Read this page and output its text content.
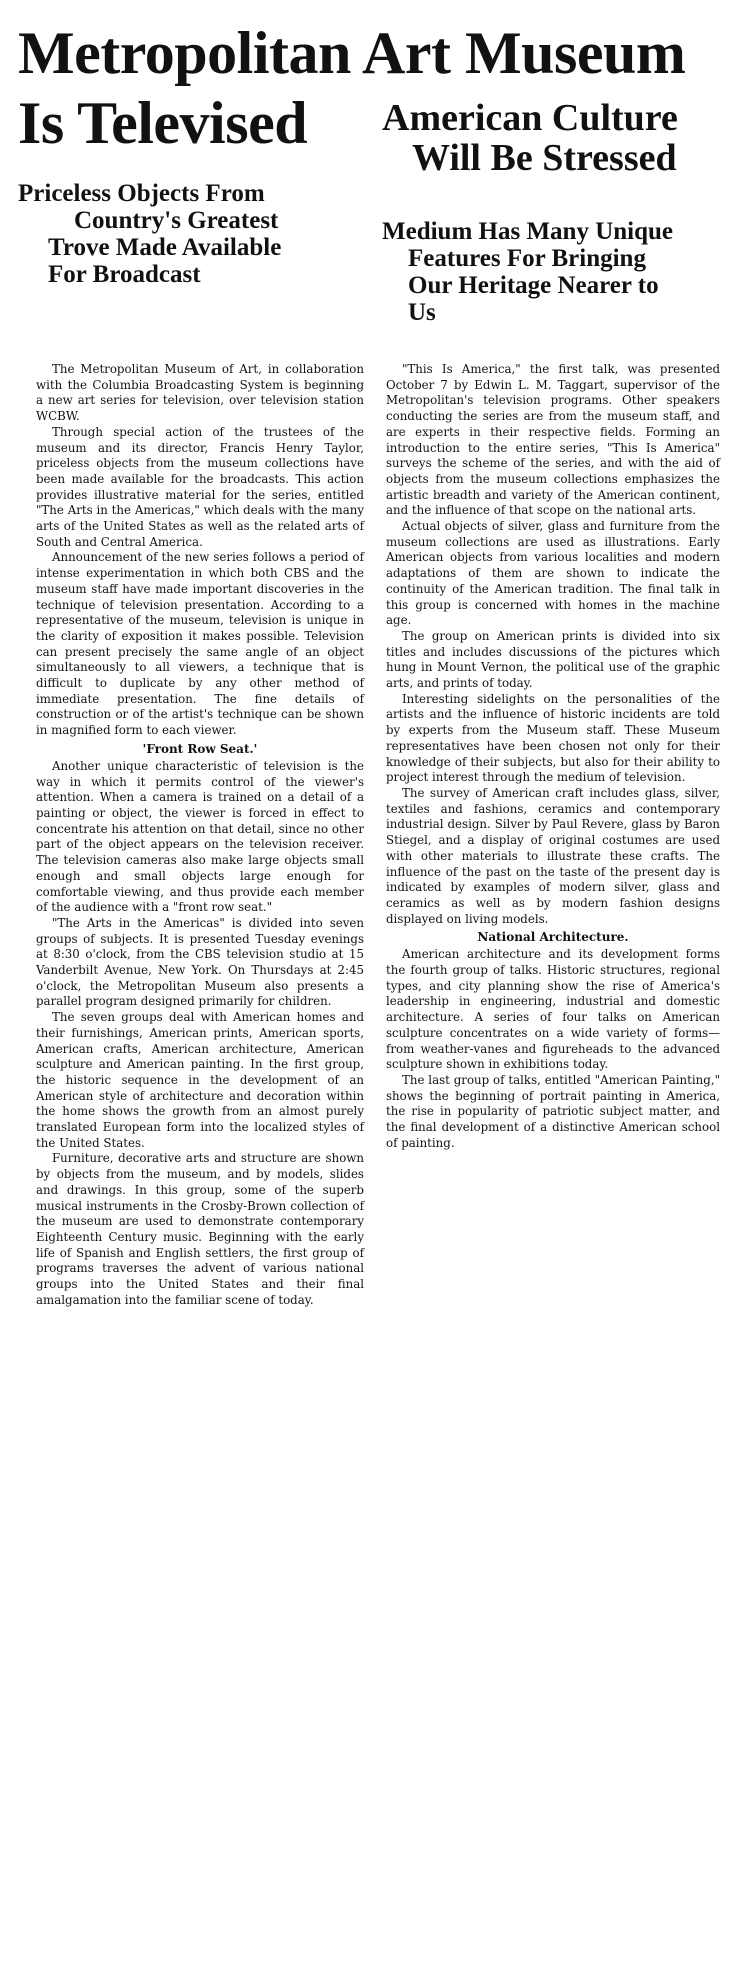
Metropolitan Art Museum
Is Televised
Priceless Objects From
Country's Greatest
Trove Made Available
For Broadcast
American Culture
Will Be Stressed
Medium Has Many Unique
Features For Bringing
Our Heritage Nearer to
Us

The Metropolitan Museum of Art, in collaboration with the Columbia Broadcasting System is beginning a new art series for television, over television station WCBW.

Through special action of the trustees of the museum and its director, Francis Henry Taylor, priceless objects from the museum collections have been made available for the broadcasts. This action provides illustrative material for the series, entitled "The Arts in the Americas," which deals with the many arts of the United States as well as the related arts of South and Central America.

Announcement of the new series follows a period of intense experimentation in which both CBS and the museum staff have made important discoveries in the technique of television presentation. According to a representative of the museum, television is unique in the clarity of exposition it makes possible. Television can present precisely the same angle of an object simultaneously to all viewers, a technique that is difficult to duplicate by any other method of immediate presentation. The fine details of construction or of the artist's technique can be shown in magnified form to each viewer.

'Front Row Seat.'

Another unique characteristic of television is the way in which it permits control of the viewer's attention. When a camera is trained on a detail of a painting or object, the viewer is forced in effect to concentrate his attention on that detail, since no other part of the object appears on the television receiver. The television cameras also make large objects small enough and small objects large enough for comfortable viewing, and thus provide each member of the audience with a "front row seat."

"The Arts in the Americas" is divided into seven groups of subjects. It is presented Tuesday evenings at 8:30 o'clock, from the CBS television studio at 15 Vanderbilt Avenue, New York. On Thursdays at 2:45 o'clock, the Metropolitan Museum also presents a parallel program designed primarily for children.

The seven groups deal with American homes and their furnishings, American prints, American sports, American crafts, American architecture, American sculpture and American painting. In the first group, the historic sequence in the development of an American style of architecture and decoration within the home shows the growth from an almost purely translated European form into the localized styles of the United States.

Furniture, decorative arts and structure are shown by objects from the museum, and by models, slides and drawings. In this group, some of the superb musical instruments in the Crosby-Brown collection of the museum are used to demonstrate contemporary Eighteenth Century music. Beginning with the early life of Spanish and English settlers, the first group of programs traverses the advent of various national groups into the United States and their final amalgamation into the familiar scene of today.

"This Is America," the first talk, was presented October 7 by Edwin L. M. Taggart, supervisor of the Metropolitan's television programs. Other speakers conducting the series are from the museum staff, and are experts in their respective fields. Forming an introduction to the entire series, "This Is America" surveys the scheme of the series, and with the aid of objects from the museum collections emphasizes the artistic breadth and variety of the American continent, and the influence of that scope on the national arts.

Actual objects of silver, glass and furniture from the museum collections are used as illustrations. Early American objects from various localities and modern adaptations of them are shown to indicate the continuity of the American tradition. The final talk in this group is concerned with homes in the machine age.

The group on American prints is divided into six titles and includes discussions of the pictures which hung in Mount Vernon, the political use of the graphic arts, and prints of today.

Interesting sidelights on the personalities of the artists and the influence of historic incidents are told by experts from the Museum staff. These Museum representatives have been chosen not only for their knowledge of their subjects, but also for their ability to project interest through the medium of television.

The survey of American craft includes glass, silver, textiles and fashions, ceramics and contemporary industrial design. Silver by Paul Revere, glass by Baron Stiegel, and a display of original costumes are used with other materials to illustrate these crafts. The influence of the past on the taste of the present day is indicated by examples of modern silver, glass and ceramics as well as by modern fashion designs displayed on living models.

National Architecture.

American architecture and its development forms the fourth group of talks. Historic structures, regional types, and city planning show the rise of America's leadership in engineering, industrial and domestic architecture. A series of four talks on American sculpture concentrates on a wide variety of forms—from weather-vanes and figureheads to the advanced sculpture shown in exhibitions today.

The last group of talks, entitled "American Painting," shows the beginning of portrait painting in America, the rise in popularity of patriotic subject matter, and the final development of a distinctive American school of painting.
